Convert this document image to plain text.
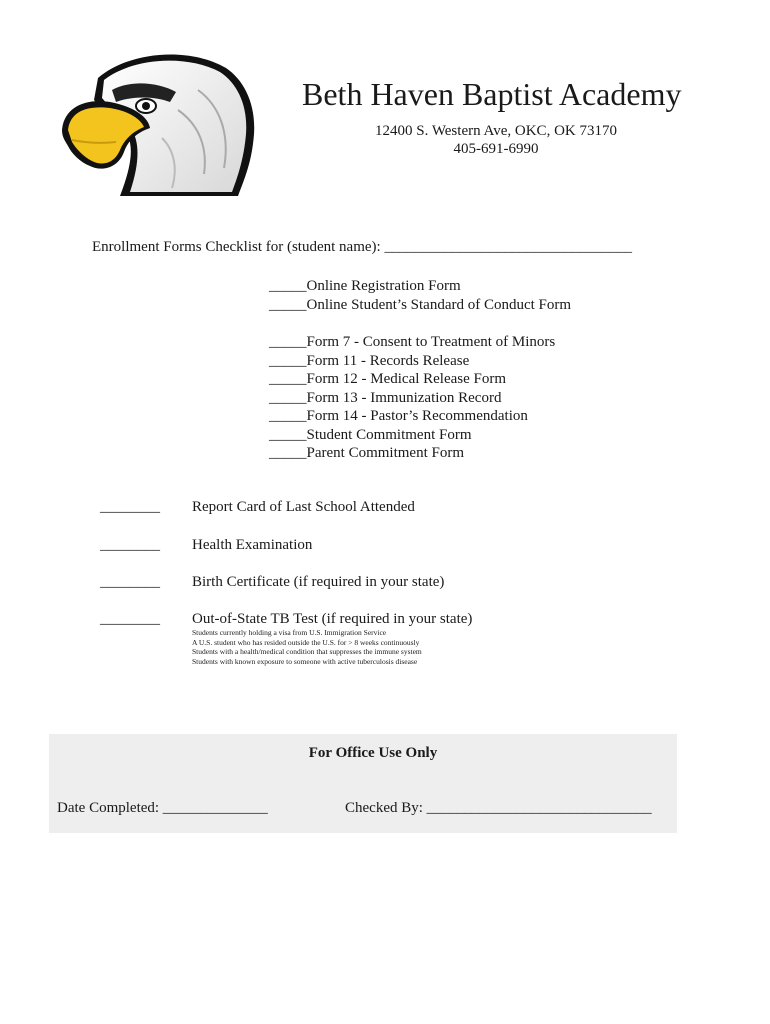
Beth Haven Baptist Academy
12400 S. Western Ave, OKC, OK 73170
405-691-6990
Enrollment Forms Checklist for (student name): _________________________________
_____Online Registration Form
_____Online Student’s Standard of Conduct Form
_____Form 7 - Consent to Treatment of Minors
_____Form 11 - Records Release
_____Form 12 - Medical Release Form
_____Form 13 - Immunization Record
_____Form 14 - Pastor’s Recommendation
_____Student Commitment Form
_____Parent Commitment Form
________ Report Card of Last School Attended
________ Health Examination
________ Birth Certificate (if required in your state)
________ Out-of-State TB Test (if required in your state)
Students currently holding a visa from U.S. Immigration Service
A U.S. student who has resided outside the U.S. for > 8 weeks continuously
Students with a health/medical condition that suppresses the immune system
Students with known exposure to someone with active tuberculosis disease
For Office Use Only
Date Completed: ______________	Checked By: ______________________________
